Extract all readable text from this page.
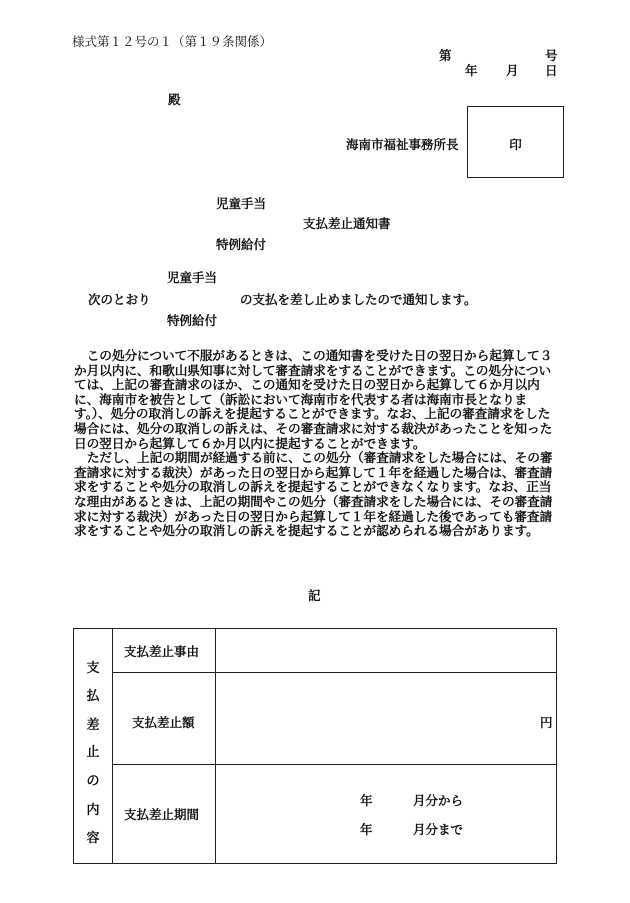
様式第１２号の１（第１９条関係）
第	号
年 月 日
殿
海南市福祉事務所長	印
児童手当
支払差止通知書
特例給付
児童手当
次のとおり	の支払を差し止めましたので通知します。
特例給付

この処分について不服があるときは、この通知書を受けた日の翌日から起算して３か月以内に、和歌山県知事に対して審査請求をすることができます。この処分については、上記の審査請求のほか、この通知を受けた日の翌日から起算して６か月以内に、海南市を被告として（訴訟において海南市を代表する者は海南市長となります。）、処分の取消しの訴えを提起することができます。なお、上記の審査請求をした場合には、処分の取消しの訴えは、その審査請求に対する裁決があったことを知った日の翌日から起算して６か月以内に提起することができます。

ただし、上記の期間が経過する前に、この処分（審査請求をした場合には、その審査請求に対する裁決）があった日の翌日から起算して１年を経過した場合は、審査請求をすることや処分の取消しの訴えを提起することができなくなります。なお、正当な理由があるときは、上記の期間やこの処分（審査請求をした場合には、その審査請求に対する裁決）があった日の翌日から起算して１年を経過した後であっても審査請求をすることや処分の取消しの訴えを提起することが認められる場合があります。

記
支
払
差
止
の
内
容
支払差止事由
支払差止額	円
支払差止期間
年	月分から
年	月分まで
